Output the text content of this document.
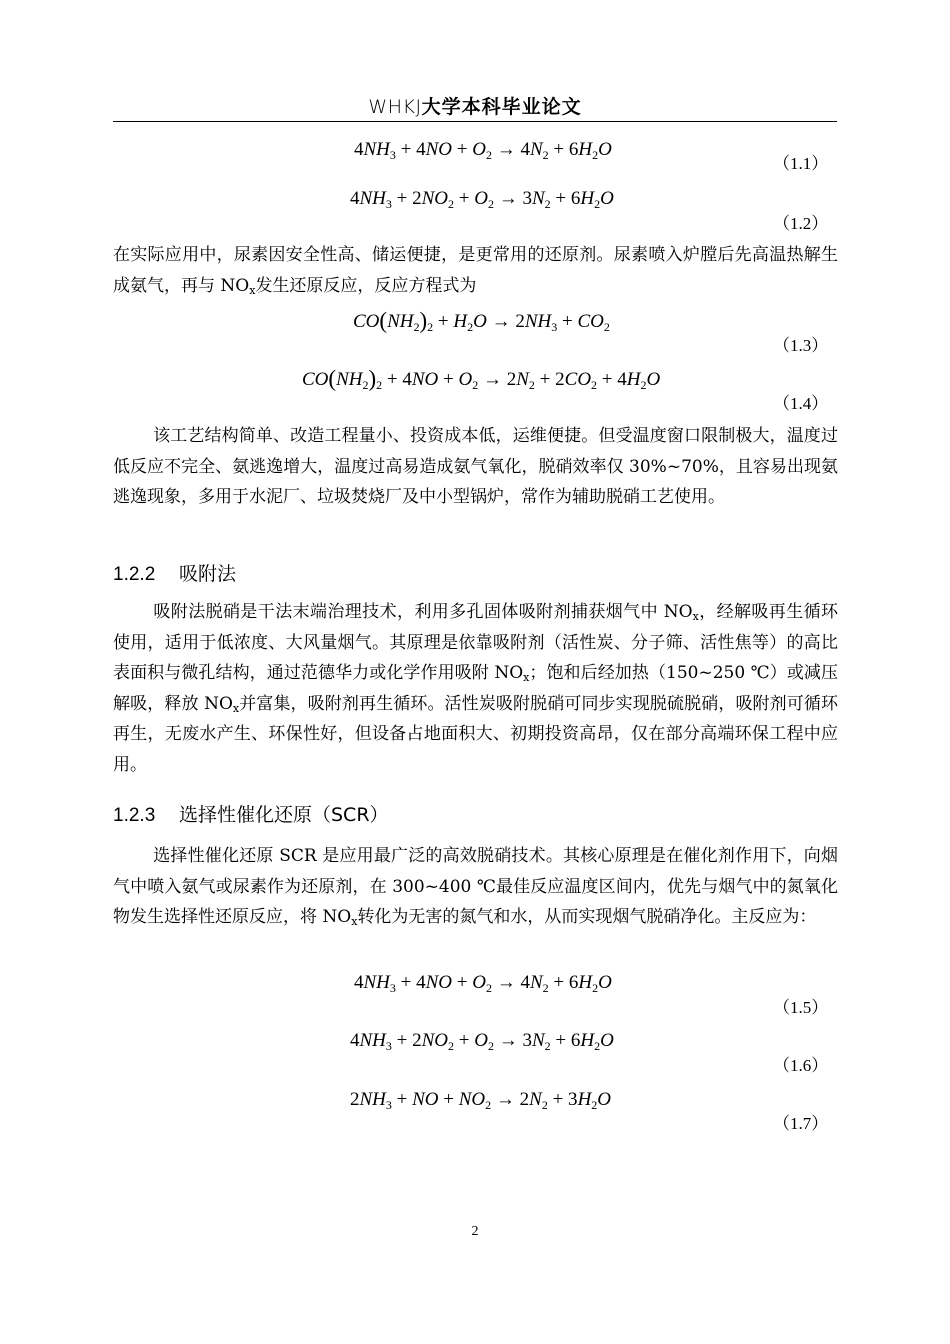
WHKJ大学本科毕业论文
$4NH_3 + 4NO + O_2 \to 4N_2 + 6H_2O$
（1.1）
$4NH_3 + 2NO_2 + O_2 \to 3N_2 + 6H_2O$
（1.2）
在实际应用中，尿素因安全性高、储运便捷，是更常用的还原剂。尿素喷入炉膛后先高温热解生成氨气，再与 $NO_x$发生还原反应，反应方程式为
$CO(NH_2)_2 + H_2O \to 2NH_3 + CO_2$
（1.3）
$CO(NH_2)_2 + 4NO + O_2 \to 2N_2 + 2CO_2 + 4H_2O$
（1.4）
该工艺结构简单、改造工程量小、投资成本低，运维便捷。但受温度窗口限制极大，温度过低反应不完全、氨逃逸增大，温度过高易造成氨气氧化，脱硝效率仅 30%~70%，且容易出现氨逃逸现象，多用于水泥厂、垃圾焚烧厂及中小型锅炉，常作为辅助脱硝工艺使用。
1.2.2 吸附法
吸附法脱硝是干法末端治理技术，利用多孔固体吸附剂捕获烟气中 $NO_x$，经解吸再生循环使用，适用于低浓度、大风量烟气。其原理是依靠吸附剂（活性炭、分子筛、活性焦等）的高比表面积与微孔结构，通过范德华力或化学作用吸附 $NO_x$；饱和后经加热（150~250 ℃）或减压解吸，释放 $NO_x$并富集，吸附剂再生循环。活性炭吸附脱硝可同步实现脱硫脱硝，吸附剂可循环再生，无废水产生、环保性好，但设备占地面积大、初期投资高昂，仅在部分高端环保工程中应用。
1.2.3 选择性催化还原（SCR）
选择性催化还原 SCR 是应用最广泛的高效脱硝技术。其核心原理是在催化剂作用下，向烟气中喷入氨气或尿素作为还原剂，在 300~400 ℃最佳反应温度区间内，优先与烟气中的氮氧化物发生选择性还原反应，将 $NO_x$转化为无害的氮气和水，从而实现烟气脱硝净化。主反应为：
$4NH_3 + 4NO + O_2 \to 4N_2 + 6H_2O$
（1.5）
$4NH_3 + 2NO_2 + O_2 \to 3N_2 + 6H_2O$
（1.6）
$2NH_3$ + NO + $NO_2 \to 2N_2 + 3H_2O$
（1.7）
2
